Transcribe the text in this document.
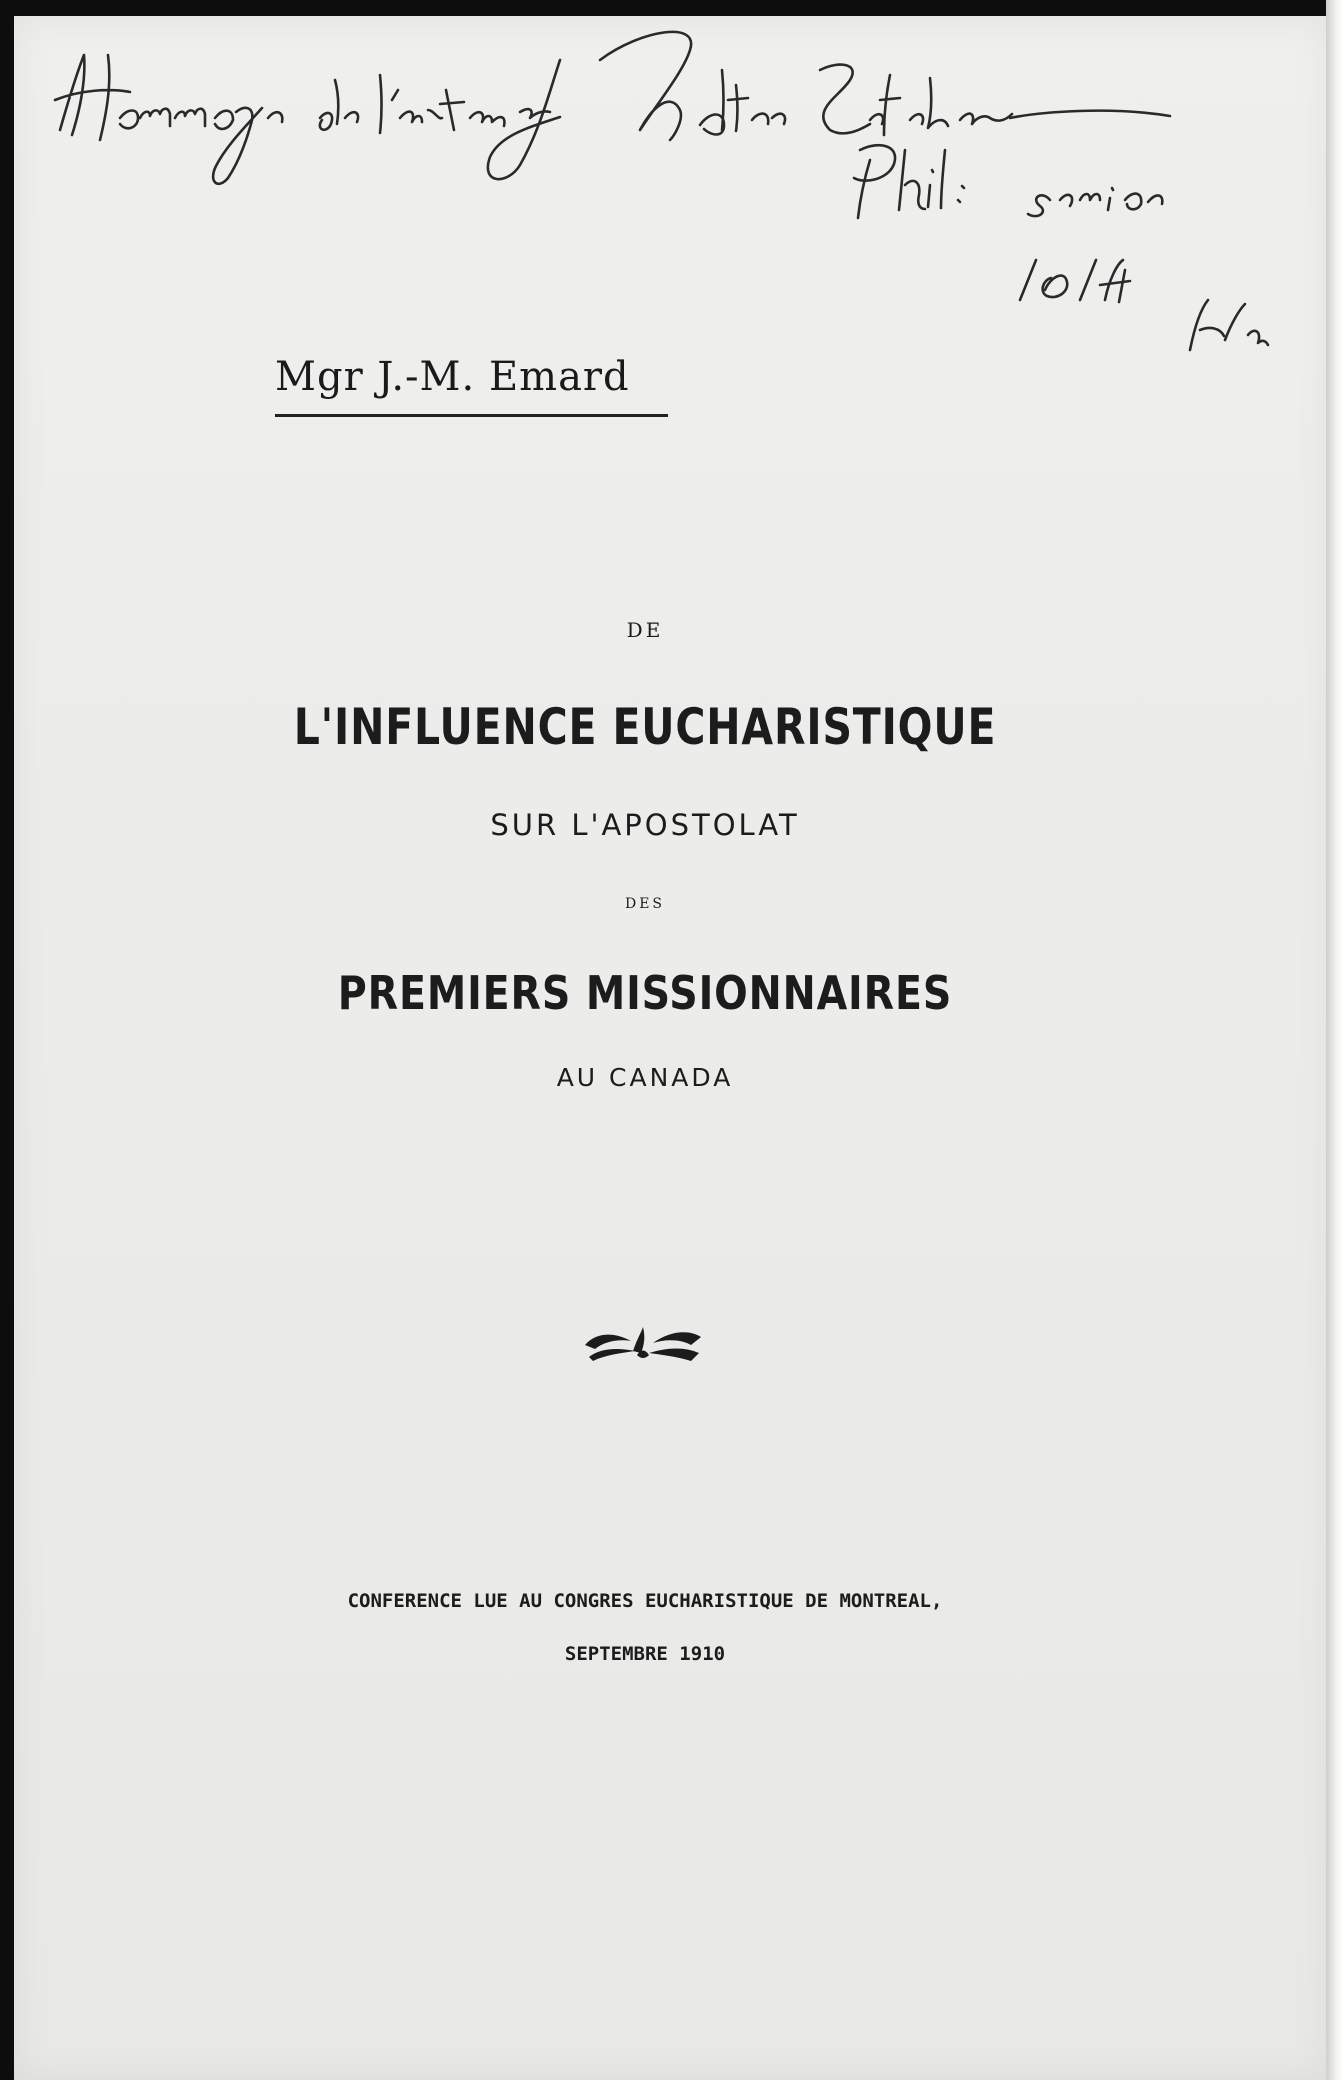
Mgr J.-M. Emard
DE
L'INFLUENCE EUCHARISTIQUE
SUR L'APOSTOLAT
DES
PREMIERS MISSIONNAIRES
AU CANADA
CONFERENCE LUE AU CONGRES EUCHARISTIQUE DE MONTREAL,
SEPTEMBRE 1910
